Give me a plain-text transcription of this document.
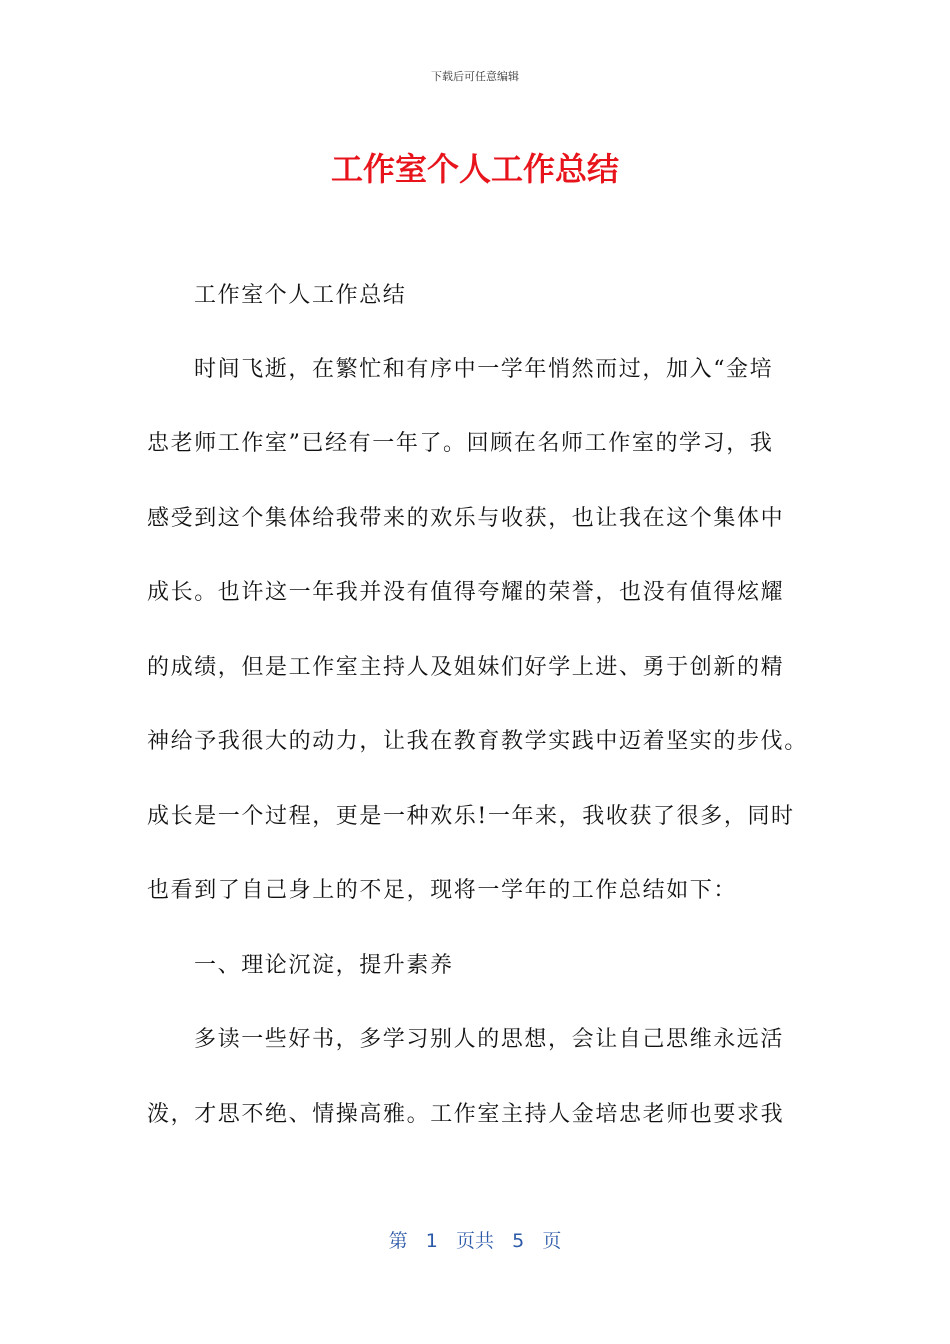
下载后可任意编辑
工作室个人工作总结
工作室个人工作总结
时间飞逝，在繁忙和有序中一学年悄然而过，加入“金培
忠老师工作室”已经有一年了。回顾在名师工作室的学习，我
感受到这个集体给我带来的欢乐与收获，也让我在这个集体中
成长。也许这一年我并没有值得夸耀的荣誉，也没有值得炫耀
的成绩，但是工作室主持人及姐妹们好学上进、勇于创新的精
神给予我很大的动力，让我在教育教学实践中迈着坚实的步伐。
成长是一个过程，更是一种欢乐!一年来，我收获了很多，同时
也看到了自己身上的不足，现将一学年的工作总结如下：
一、理论沉淀，提升素养
多读一些好书，多学习别人的思想，会让自己思维永远活
泼，才思不绝、情操高雅。工作室主持人金培忠老师也要求我
第 1 页共 5 页
